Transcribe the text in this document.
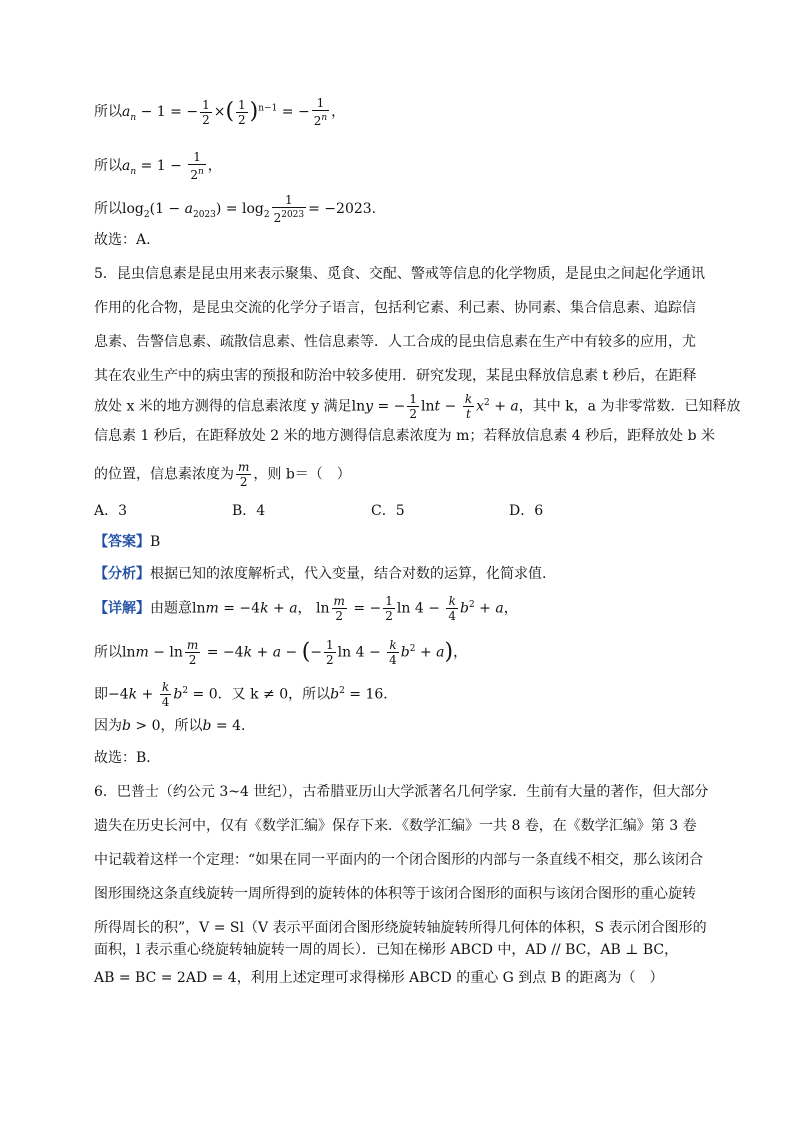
所以$a_n - 1$ = − $\frac{1}{2}$ ×( $\frac{1}{2} )^{n-1}$ = − $\frac{1}{2^n}$ ，
所以$a_n = 1 - \frac{1}{2^n}$ ，
所以$\log_2(1 - a_{2023}) = \log_2 \frac{1}{2^{2023}} = -2023$.
故选：A.
5．昆虫信息素是昆虫用来表示聚集、觅食、交配、警戒等信息的化学物质，是昆虫之间起化学通讯
作用的化合物，是昆虫交流的化学分子语言，包括利它素、利己素、协同素、集合信息素、追踪信
息素、告警信息素、疏散信息素、性信息素等．人工合成的昆虫信息素在生产中有较多的应用，尤
其在农业生产中的病虫害的预报和防治中较多使用．研究发现，某昆虫释放信息素 t 秒后，在距释
放处 x 米的地方测得的信息素浓度 y 满足lny = − $\frac{1}{2}$ $\ln t - \frac{k}{t} x^2 + a$，其中 k，a 为非零常数．已知释放
信息素 1 秒后，在距释放处 2 米的地方测得信息素浓度为 m；若释放信息素 4 秒后，距释放处 b 米
的位置，信息素浓度为 $\frac{m}{2}$ ，则 b＝（　）
A．3	B．4	C．5	D．6
【答案】B
【分析】根据已知的浓度解析式，代入变量，结合对数的运算，化简求值.
【详解】由题意lnm = −4k + a， $\ln \frac{m}{2}$ = − $\frac{1}{2}$ $\ln 4 - \frac{k}{4} b^2 + a$，
所以$\ln m - \ln \frac{m}{2} = -4k + a$ − (− $\frac{1}{2}$ $\ln 4 - \frac{k}{4} b^2 + a$)，
即$-4k + \frac{k}{4} b^2 = 0$．又 k ≠ 0，所以$b^2 = 16$．
因为b > 0，所以b = 4．
故选：B．
6．巴普士（约公元 3~4 世纪），古希腊亚历山大学派著名几何学家．生前有大量的著作，但大部分
遗失在历史长河中，仅有《数学汇编》保存下来．《数学汇编》一共 8 卷，在《数学汇编》第 3 卷
中记载着这样一个定理：“如果在同一平面内的一个闭合图形的内部与一条直线不相交，那么该闭合
图形围绕这条直线旋转一周所得到的旋转体的体积等于该闭合图形的面积与该闭合图形的重心旋转
所得周长的积”，V = Sl（V 表示平面闭合图形绕旋转轴旋转所得几何体的体积，S 表示闭合图形的
面积，l 表示重心绕旋转轴旋转一周的周长）．已知在梯形 ABCD 中，AD // BC，AB ⊥ BC，
AB = BC = 2AD = 4，利用上述定理可求得梯形 ABCD 的重心 G 到点 B 的距离为（　）
